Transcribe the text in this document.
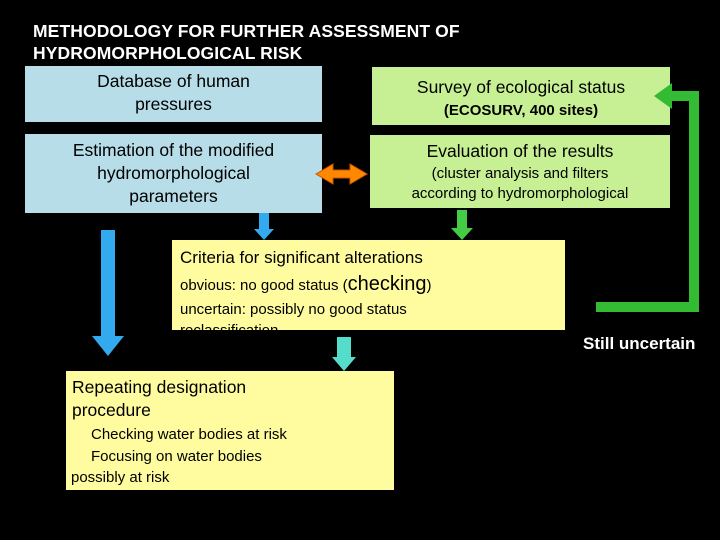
METHODOLOGY FOR FURTHER ASSESSMENT OF
HYDROMORPHOLOGICAL RISK
Database of human
pressures
Survey of ecological status
(ECOSURV, 400 sites)
Estimation of the modified
hydromorphological
parameters
Evaluation of the results
(cluster analysis and filters
according to hydromorphological
Criteria for significant alterations
obvious: no good status (checking)
uncertain: possibly no good status
reclassification
Repeating designation
procedure
Checking water bodies at risk
Focusing on water bodies
possibly at risk
Still uncertain
